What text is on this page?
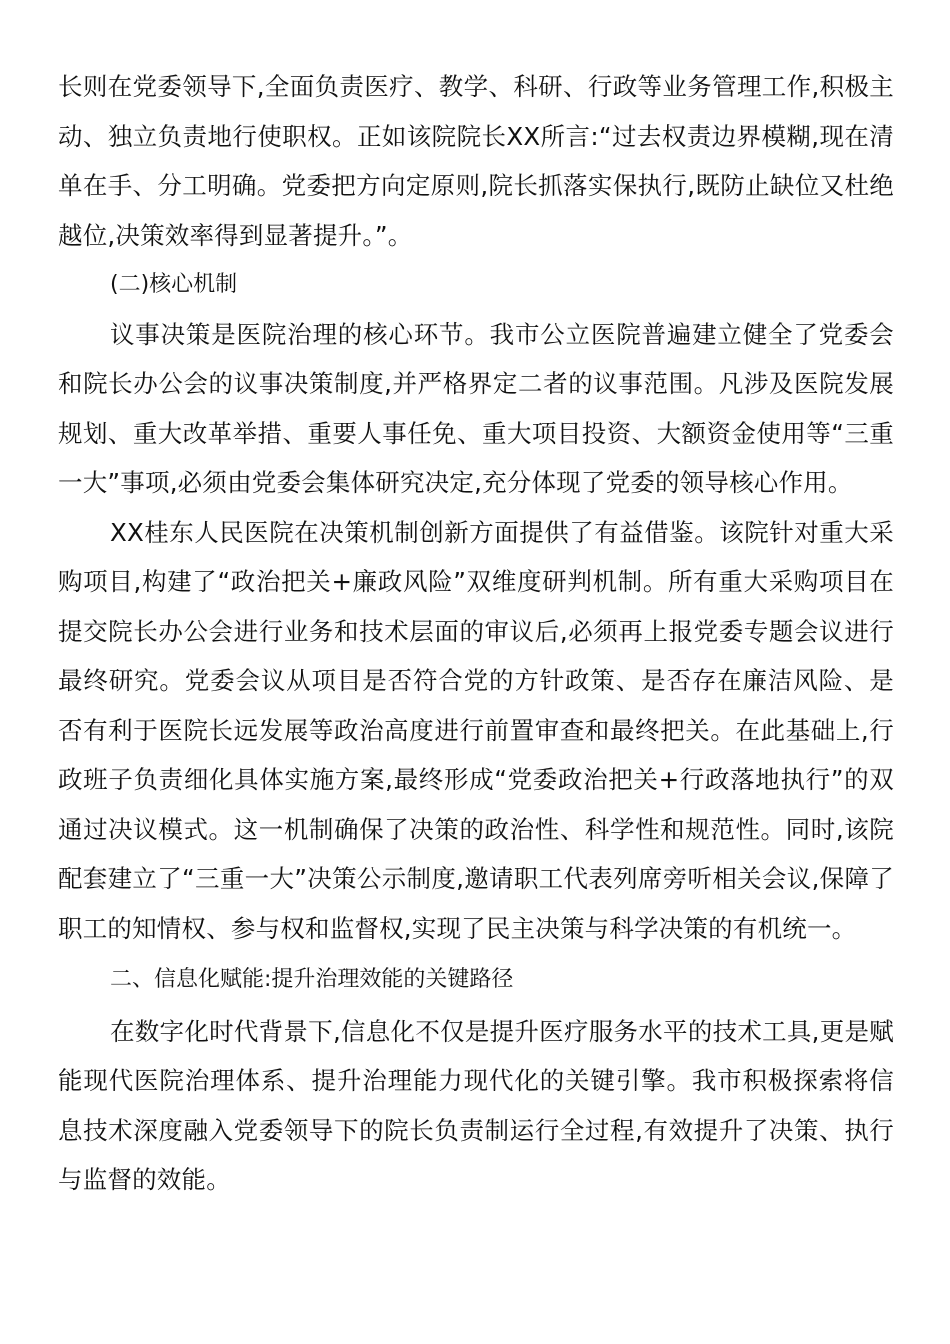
长则在党委领导下,全面负责医疗、教学、科研、行政等业务管理工作,积极主动、独立负责地行使职权。正如该院院长XX所言:“过去权责边界模糊,现在清单在手、分工明确。党委把方向定原则,院长抓落实保执行,既防止缺位又杜绝越位,决策效率得到显著提升。”。

(二)核心机制

议事决策是医院治理的核心环节。我市公立医院普遍建立健全了党委会和院长办公会的议事决策制度,并严格界定二者的议事范围。凡涉及医院发展规划、重大改革举措、重要人事任免、重大项目投资、大额资金使用等“三重一大”事项,必须由党委会集体研究决定,充分体现了党委的领导核心作用。

XX桂东人民医院在决策机制创新方面提供了有益借鉴。该院针对重大采购项目,构建了“政治把关+廉政风险”双维度研判机制。所有重大采购项目在提交院长办公会进行业务和技术层面的审议后,必须再上报党委专题会议进行最终研究。党委会议从项目是否符合党的方针政策、是否存在廉洁风险、是否有利于医院长远发展等政治高度进行前置审查和最终把关。在此基础上,行政班子负责细化具体实施方案,最终形成“党委政治把关+行政落地执行”的双通过决议模式。这一机制确保了决策的政治性、科学性和规范性。同时,该院配套建立了“三重一大”决策公示制度,邀请职工代表列席旁听相关会议,保障了职工的知情权、参与权和监督权,实现了民主决策与科学决策的有机统一。

二、信息化赋能:提升治理效能的关键路径

在数字化时代背景下,信息化不仅是提升医疗服务水平的技术工具,更是赋能现代医院治理体系、提升治理能力现代化的关键引擎。我市积极探索将信息技术深度融入党委领导下的院长负责制运行全过程,有效提升了决策、执行与监督的效能。
